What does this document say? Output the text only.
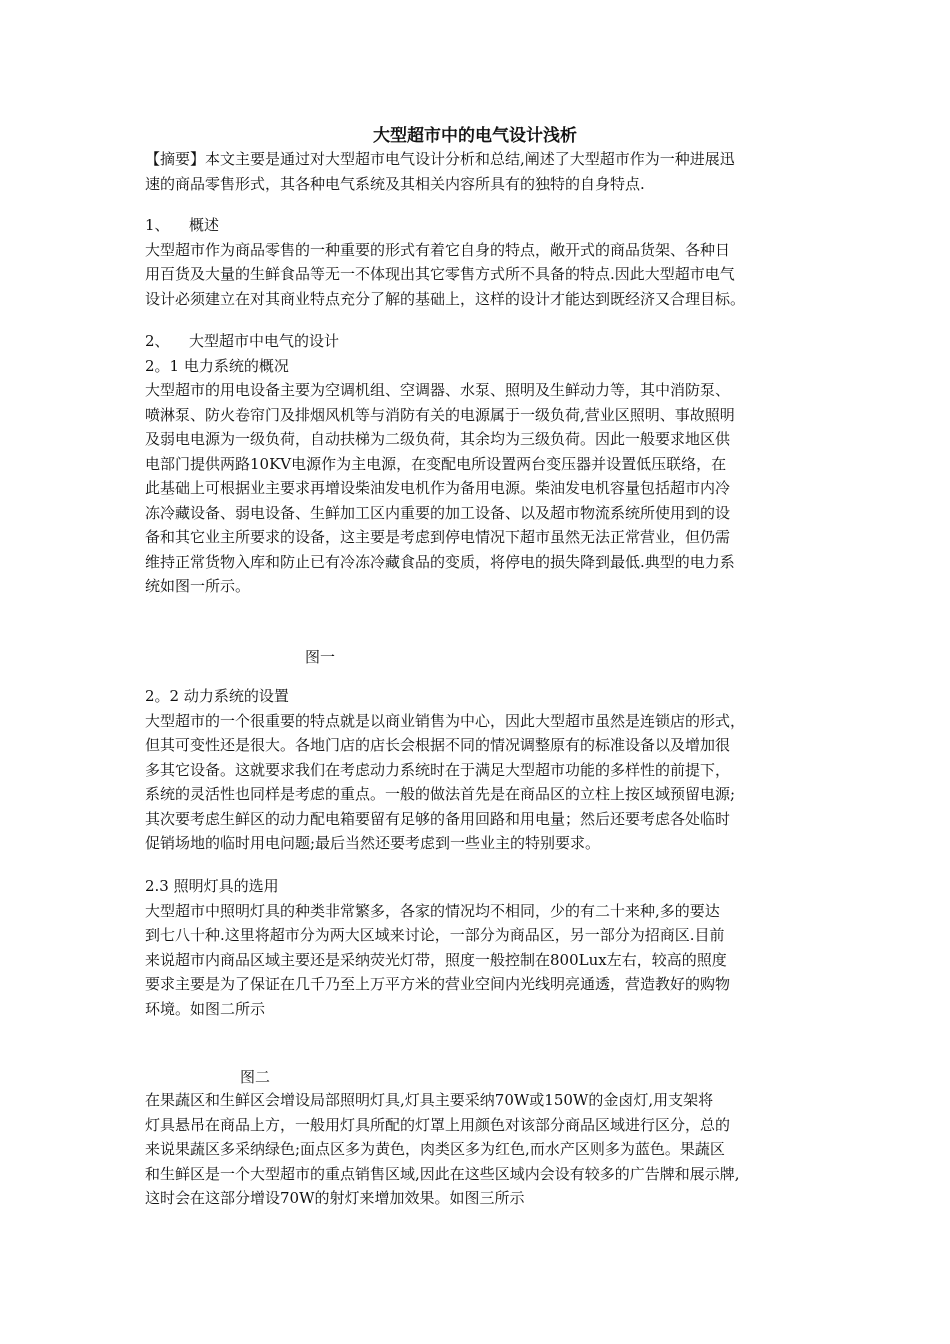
大型超市中的电气设计浅析
【摘要】本文主要是通过对大型超市电气设计分析和总结,阐述了大型超市作为一种进展迅
速的商品零售形式，其各种电气系统及其相关内容所具有的独特的自身特点.
1、 概述
大型超市作为商品零售的一种重要的形式有着它自身的特点，敞开式的商品货架、各种日
用百货及大量的生鲜食品等无一不体现出其它零售方式所不具备的特点.因此大型超市电气
设计必须建立在对其商业特点充分了解的基础上，这样的设计才能达到既经济又合理目标。
2、 大型超市中电气的设计
2。1 电力系统的概况
大型超市的用电设备主要为空调机组、空调器、水泵、照明及生鲜动力等，其中消防泵、
喷淋泵、防火卷帘门及排烟风机等与消防有关的电源属于一级负荷,营业区照明、事故照明
及弱电电源为一级负荷，自动扶梯为二级负荷，其余均为三级负荷。因此一般要求地区供
电部门提供两路10KV电源作为主电源，在变配电所设置两台变压器并设置低压联络，在
此基础上可根据业主要求再增设柴油发电机作为备用电源。柴油发电机容量包括超市内冷
冻冷藏设备、弱电设备、生鲜加工区内重要的加工设备、以及超市物流系统所使用到的设
备和其它业主所要求的设备，这主要是考虑到停电情况下超市虽然无法正常营业，但仍需
维持正常货物入库和防止已有冷冻冷藏食品的变质，将停电的损失降到最低.典型的电力系
统如图一所示。
图一
2。2 动力系统的设置
大型超市的一个很重要的特点就是以商业销售为中心，因此大型超市虽然是连锁店的形式，
但其可变性还是很大。各地门店的店长会根据不同的情况调整原有的标准设备以及增加很
多其它设备。这就要求我们在考虑动力系统时在于满足大型超市功能的多样性的前提下，
系统的灵活性也同样是考虑的重点。一般的做法首先是在商品区的立柱上按区域预留电源;
其次要考虑生鲜区的动力配电箱要留有足够的备用回路和用电量；然后还要考虑各处临时
促销场地的临时用电问题;最后当然还要考虑到一些业主的特别要求。
2.3 照明灯具的选用
大型超市中照明灯具的种类非常繁多，各家的情况均不相同，少的有二十来种,多的要达
到七八十种.这里将超市分为两大区域来讨论，一部分为商品区，另一部分为招商区.目前
来说超市内商品区域主要还是采纳荧光灯带，照度一般控制在800Lux左右，较高的照度
要求主要是为了保证在几千乃至上万平方米的营业空间内光线明亮通透，营造教好的购物
环境。如图二所示
图二
在果蔬区和生鲜区会增设局部照明灯具,灯具主要采纳70W或150W的金卤灯,用支架将
灯具悬吊在商品上方，一般用灯具所配的灯罩上用颜色对该部分商品区域进行区分，总的
来说果蔬区多采纳绿色;面点区多为黄色，肉类区多为红色,而水产区则多为蓝色。果蔬区
和生鲜区是一个大型超市的重点销售区域,因此在这些区域内会设有较多的广告牌和展示牌,
这时会在这部分增设70W的射灯来增加效果。如图三所示
